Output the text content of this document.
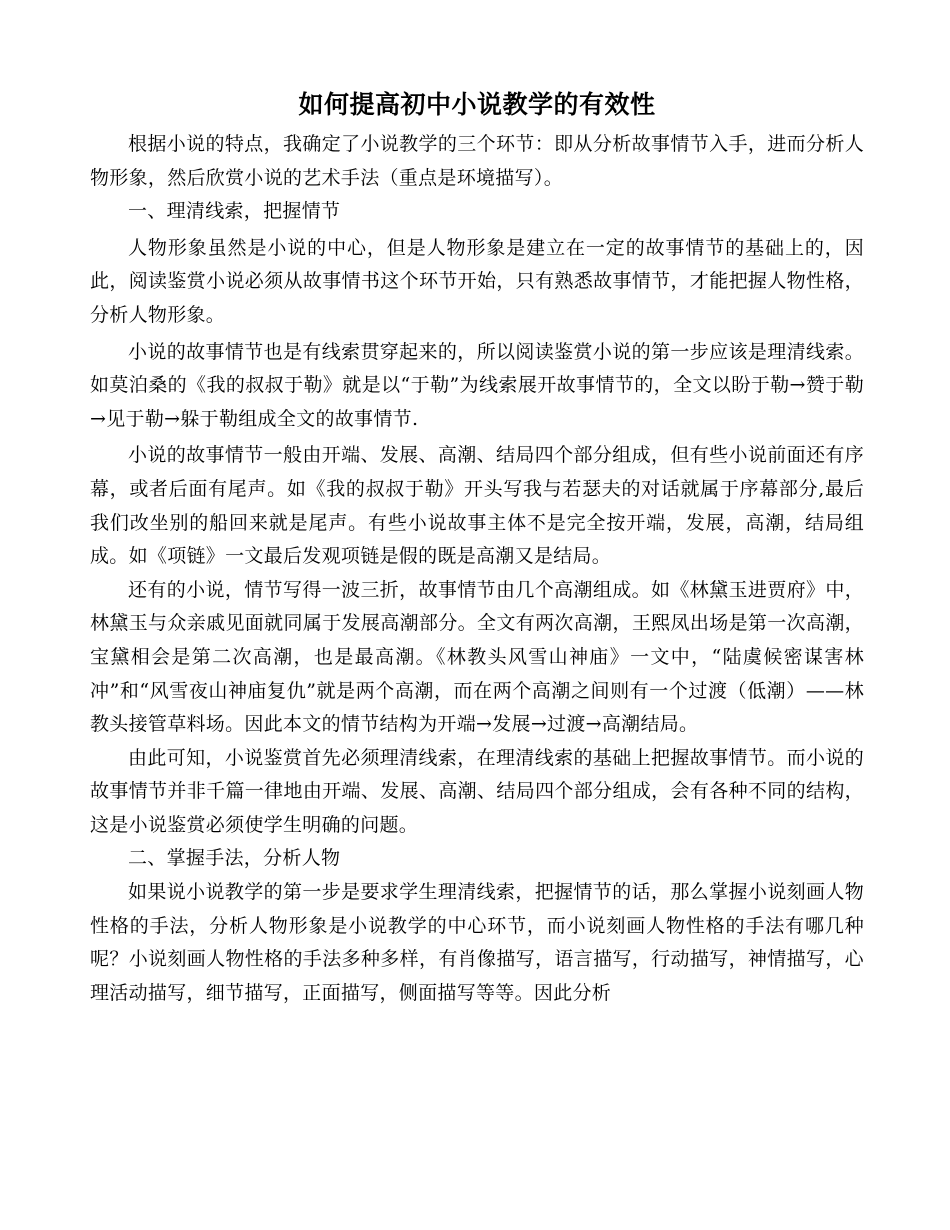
如何提高初中小说教学的有效性

根据小说的特点，我确定了小说教学的三个环节：即从分析故事情节入手，进而分析人物形象，然后欣赏小说的艺术手法（重点是环境描写）。

一、理清线索，把握情节

人物形象虽然是小说的中心，但是人物形象是建立在一定的故事情节的基础上的，因此，阅读鉴赏小说必须从故事情书这个环节开始，只有熟悉故事情节，才能把握人物性格，分析人物形象。

小说的故事情节也是有线索贯穿起来的，所以阅读鉴赏小说的第一步应该是理清线索。如莫泊桑的《我的叔叔于勒》就是以“于勒”为线索展开故事情节的，全文以盼于勒→赞于勒→见于勒→躲于勒组成全文的故事情节.

小说的故事情节一般由开端、发展、高潮、结局四个部分组成，但有些小说前面还有序幕，或者后面有尾声。如《我的叔叔于勒》开头写我与若瑟夫的对话就属于序幕部分,最后我们改坐别的船回来就是尾声。有些小说故事主体不是完全按开端，发展，高潮，结局组成。如《项链》一文最后发观项链是假的既是高潮又是结局。

还有的小说，情节写得一波三折，故事情节由几个高潮组成。如《林黛玉进贾府》中，林黛玉与众亲戚见面就同属于发展高潮部分。全文有两次高潮，王熙凤出场是第一次高潮，宝黛相会是第二次高潮，也是最高潮。《林教头风雪山神庙》一文中，“陆虞候密谋害林冲”和“风雪夜山神庙复仇”就是两个高潮，而在两个高潮之间则有一个过渡（低潮）——林教头接管草料场。因此本文的情节结构为开端→发展→过渡→高潮结局。

由此可知，小说鉴赏首先必须理清线索，在理清线索的基础上把握故事情节。而小说的故事情节并非千篇一律地由开端、发展、高潮、结局四个部分组成，会有各种不同的结构，这是小说鉴赏必须使学生明确的问题。

二、掌握手法，分析人物

如果说小说教学的第一步是要求学生理清线索，把握情节的话，那么掌握小说刻画人物性格的手法，分析人物形象是小说教学的中心环节，而小说刻画人物性格的手法有哪几种呢？小说刻画人物性格的手法多种多样，有肖像描写，语言描写，行动描写，神情描写，心理活动描写，细节描写，正面描写，侧面描写等等。因此分析
